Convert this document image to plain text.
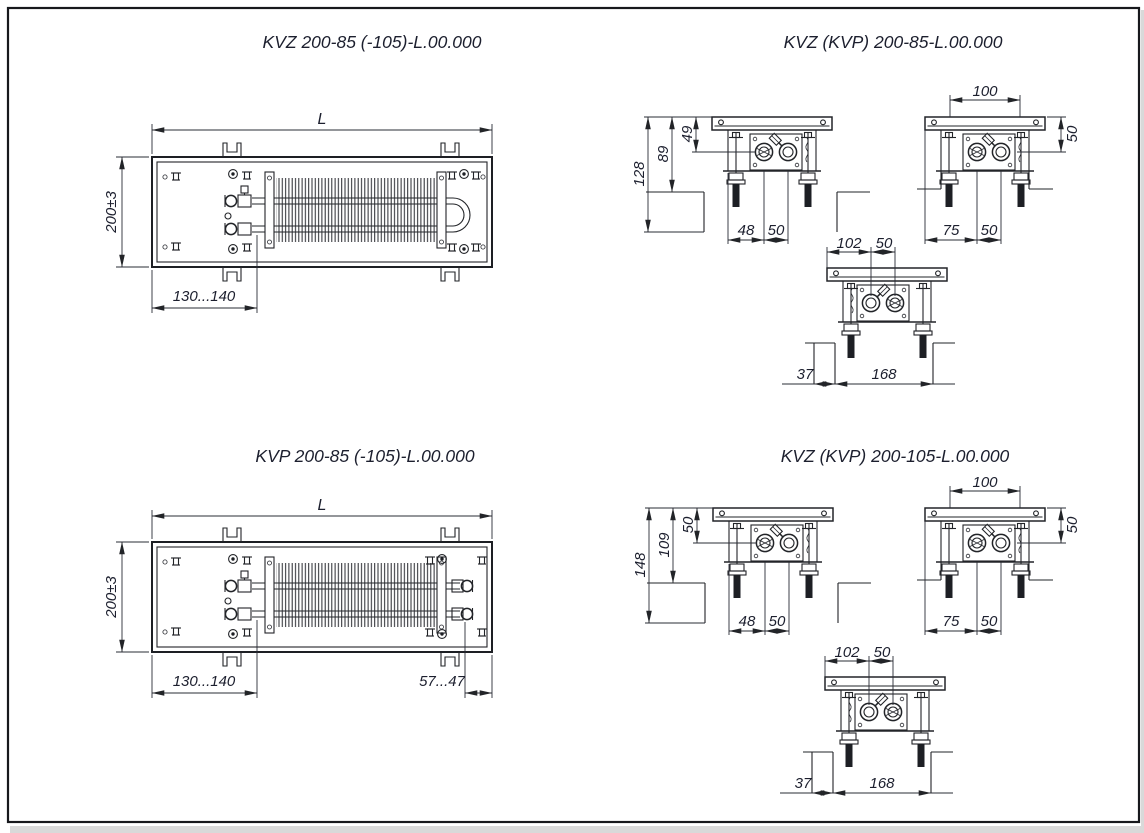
KVZ 200-85 (-105)-L.00.000	KVZ (KVP) 200-85-L.00.000
KVP 200-85 (-105)-L.00.000	KVZ (KVP) 200-105-L.00.000
L
200±3
130...140
L
200±3
130...140	57...47
49
89
128
48 50
100
50
75 50
102 50
37	168
50
109
148
48 50
100
50
75 50
102 50
37	168
